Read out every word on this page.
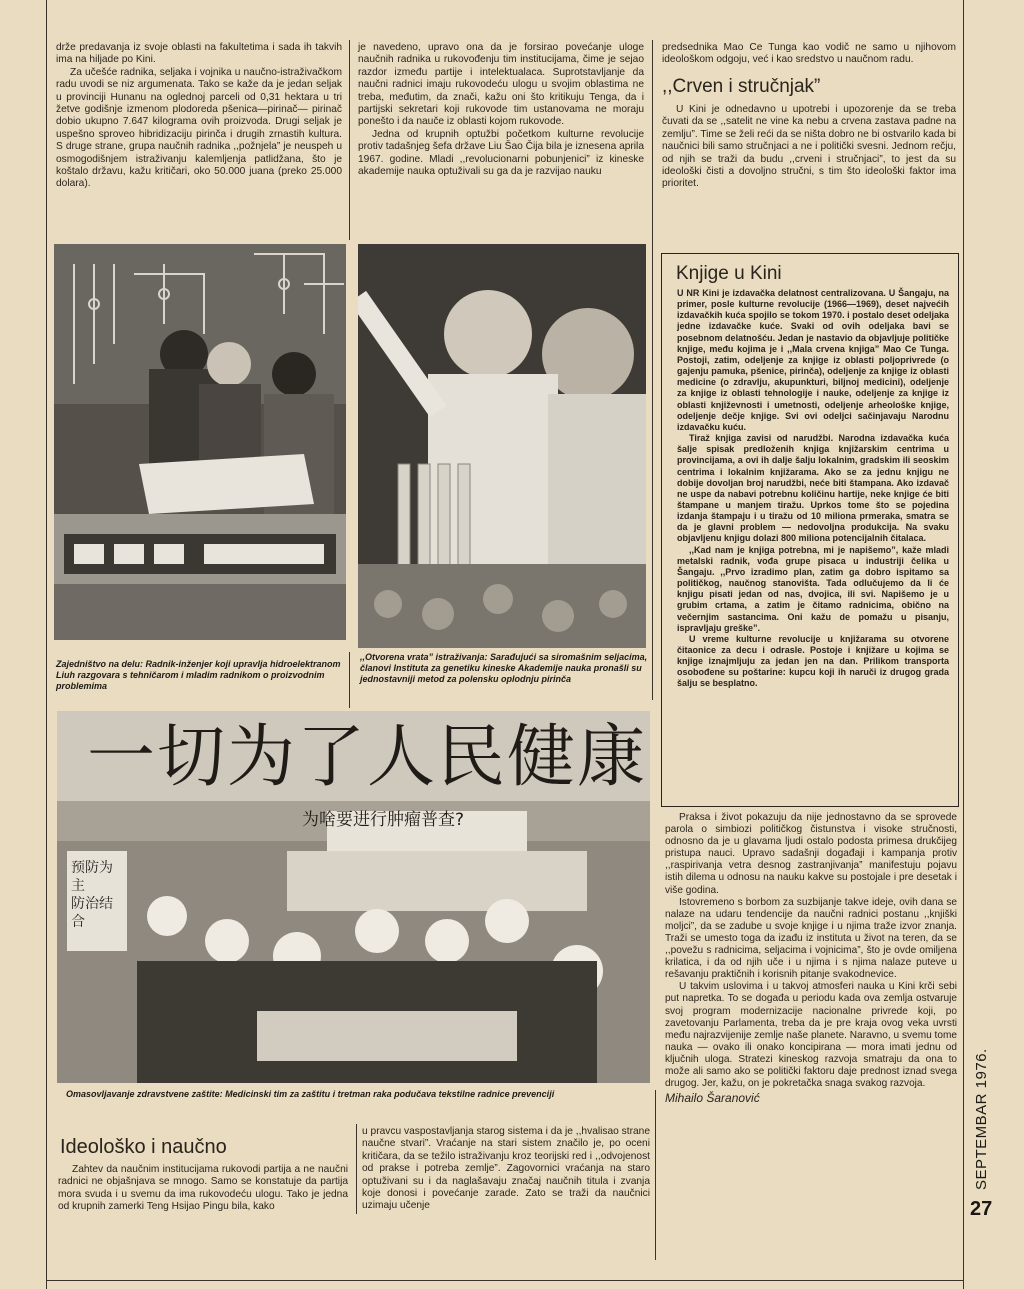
drže predavanja iz svoje oblasti na fakultetima i sada ih takvih ima na hiljade po Kini.

Za učešće radnika, seljaka i vojnika u naučno-istraživačkom radu uvodi se niz argumenata. Tako se kaže da je jedan seljak u provinciji Hunanu na oglednoj parceli od 0,31 hektara u tri žetve godišnje izmenom plodoreda pšenica—pirinač— pirinač dobio ukupno 7.647 kilograma ovih proizvoda. Drugi seljak je uspešno sproveo hibridizaciju pirinča i drugih zrnastih kultura. S druge strane, grupa naučnih radnika ,,požnjela” je neuspeh u osmogodišnjem istraživanju kalemljenja patlidžana, što je koštalo državu, kažu kritičari, oko 50.000 juana (preko 25.000 dolara).

je navedeno, upravo ona da je forsirao povećanje uloge naučnih radnika u rukovođenju tim institucijama, čime je sejao razdor između partije i intelektualaca. Suprotstavljanje da naučni radnici imaju rukovodeću ulogu u svojim oblastima ne treba, međutim, da znači, kažu oni što kritikuju Tenga, da i partijski sekretari koji rukovode tim ustanovama ne moraju ponešto i da nauče iz oblasti kojom rukovode.

Jedna od krupnih optužbi početkom kulturne revolucije protiv tadašnjeg šefa države Liu Šao Čija bila je iznesena aprila 1967. godine. Mladi ,,revolucionarni pobunjenici” iz kineske akademije nauka optuživali su ga da je razvijao nauku

predsednika Mao Ce Tunga kao vodič ne samo u njihovom ideološkom odgoju, već i kao sredstvo u naučnom radu.

,,Crven i stručnjak”

U Kini je odnedavno u upotrebi i upozorenje da se treba čuvati da se ,,satelit ne vine ka nebu a crvena zastava padne na zemlju”. Time se želi reći da se ništa dobro ne bi ostvarilo kada bi naučnici bili samo stručnjaci a ne i politički svesni. Jednom rečju, od njih se traži da budu ,,crveni i stručnjaci”, to jest da su ideološki čisti a dovoljno stručni, s tim što ideološki faktor ima prioritet.

Zajedništvo na delu: Radnik-inženjer koji upravlja hidroelektranom Liuh razgovara s tehničarom i mladim radnikom o proizvodnim problemima
,,Otvorena vrata” istraživanja: Sarađujući sa siromašnim seljacima, članovi Instituta za genetiku kineske Akademije nauka pronašli su jednostavniji metod za polensku oplodnju pirinča
一切为了人民健康
预防为主
防治结合
为啥要进行肿瘤普查?
Omasovljavanje zdravstvene zaštite: Medicinski tim za zaštitu i tretman raka podučava tekstilne radnice prevenciji
Ideološko i naučno

Zahtev da naučnim institucijama rukovodi partija a ne naučni radnici ne objašnjava se mnogo. Samo se konstatuje da partija mora svuda i u svemu da ima rukovodeću ulogu. Tako je jedna od krupnih zamerki Teng Hsijao Pingu bila, kako

u pravcu vaspostavljanja starog sistema i da je ,,hvalisao strane naučne stvari”. Vraćanje na stari sistem značilo je, po oceni kritičara, da se težilo istraživanju kroz teorijski red i ,,odvojenost od prakse i potreba zemlje”. Zagovornici vraćanja na staro optuživani su i da naglašavaju značaj naučnih titula i zvanja koje donosi i povećanje zarade. Zato se traži da naučnici uzimaju učenje

Knjige u Kini

U NR Kini je izdavačka delatnost centralizovana. U Šangaju, na primer, posle kulturne revolucije (1966—1969), deset najvećih izdavačkih kuća spojilo se tokom 1970. i postalo deset odeljaka jedne izdavačke kuće. Svaki od ovih odeljaka bavi se posebnom delatnošću. Jedan je nastavio da objavljuje političke knjige, među kojima je i ,,Mala crvena knjiga” Mao Ce Tunga. Postoji, zatim, odeljenje za knjige iz oblasti poljoprivrede (o gajenju pamuka, pšenice, pirinča), odeljenje za knjige iz oblasti medicine (o zdravlju, akupunkturi, biljnoj medicini), odeljenje za knjige iz oblasti tehnologije i nauke, odeljenje za knjige iz oblasti književnosti i umetnosti, odeljenje arheološke knjige, odeljenje dečje knjige. Svi ovi odeljci sačinjavaju Narodnu izdavačku kuću.

Tiraž knjiga zavisi od narudžbi. Narodna izdavačka kuća šalje spisak predloženih knjiga knjižarskim centrima u provincijama, a ovi ih dalje šalju lokalnim, gradskim ili seoskim centrima i lokalnim knjižarama. Ako se za jednu knjigu ne dobije dovoljan broj narudžbi, neće biti štampana. Ako izdavač ne uspe da nabavi potrebnu količinu hartije, neke knjige će biti štampane u manjem tiražu. Uprkos tome što se pojedina izdanja štampaju i u tiražu od 10 miliona prmeraka, smatra se da je glavni problem — nedovoljna produkcija. Na svaku objavljenu knjigu dolazi 800 miliona potencijalnih čitalaca.

,,Kad nam je knjiga potrebna, mi je napišemo”, kaže mladi metalski radnik, vođa grupe pisaca u industriji čelika u Šangaju. ,,Prvo izradimo plan, zatim ga dobro ispitamo sa političkog, naučnog stanovišta. Tada odlučujemo da li će knjigu pisati jedan od nas, dvojica, ili svi. Napišemo je u grubim crtama, a zatim je čitamo radnicima, obično na večernjim sastancima. Oni kažu de pomažu u pisanju, ispravljaju greške”.

U vreme kulturne revolucije u knjižarama su otvorene čitaonice za decu i odrasle. Postoje i knjižare u kojima se knjige iznajmljuju za jedan jen na dan. Prilikom transporta osobođene su poštarine: kupcu koji ih naruči iz drugog grada šalju se besplatno.

Praksa i život pokazuju da nije jednostavno da se sprovede parola o simbiozi političkog čistunstva i visoke stručnosti, odnosno da je u glavama ljudi ostalo podosta primesa drukčijeg pristupa nauci. Upravo sadašnji događaji i kampanja protiv ,,raspirivanja vetra desnog zastranjivanja” manifestuju pojavu istih dilema u odnosu na nauku kakve su postojale i pre desetak i više godina.

Istovremeno s borbom za suzbijanje takve ideje, ovih dana se nalaze na udaru tendencije da naučni radnici postanu ,,knjiški moljci”, da se zadube u svoje knjige i u njima traže izvor znanja. Traži se umesto toga da izađu iz instituta u život na teren, da se ,,povežu s radnicima, seljacima i vojnicima”, što je ovde omiljena krilatica, i da od njih uče i u njima i s njima nalaze puteve u rešavanju praktičnih i korisnih pitanje svakodnevice.

U takvim uslovima i u takvoj atmosferi nauka u Kini krči sebi put napretka. To se događa u periodu kada ova zemlja ostvaruje svoj program modernizacije nacionalne privrede koji, po zavetovanju Parlamenta, treba da je pre kraja ovog veka uvrsti među najrazvijenije zemlje naše planete. Naravno, u svemu tome nauka — ovako ili onako koncipirana — mora imati jednu od ključnih uloga. Stratezi kineskog razvoja smatraju da ona to može ali samo ako se politički faktoru daje prednost iznad svega drugog. Jer, kažu, on je pokretačka snaga svakog razvoja.

Mihailo Šaranović	SEPTEMBAR 1976.
27
